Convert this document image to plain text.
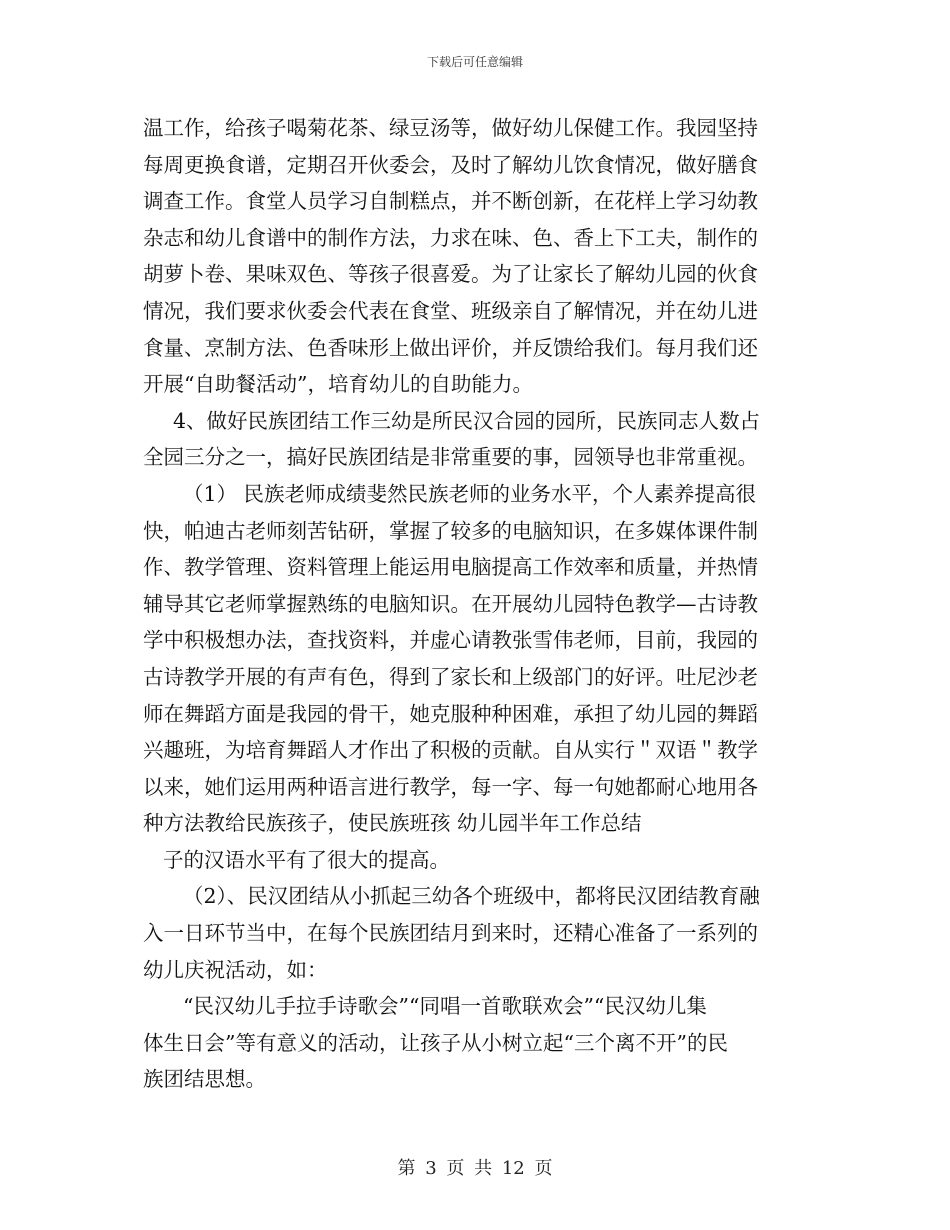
下载后可任意编辑
温工作，给孩子喝菊花茶、绿豆汤等，做好幼儿保健工作。我园坚持
每周更换食谱，定期召开伙委会，及时了解幼儿饮食情况，做好膳食
调查工作。食堂人员学习自制糕点，并不断创新，在花样上学习幼教
杂志和幼儿食谱中的制作方法，力求在味、色、香上下工夫，制作的
胡萝卜卷、果味双色、等孩子很喜爱。为了让家长了解幼儿园的伙食
情况，我们要求伙委会代表在食堂、班级亲自了解情况，并在幼儿进
食量、烹制方法、色香味形上做出评价，并反馈给我们。每月我们还
开展“自助餐活动”，培育幼儿的自助能力。
4、做好民族团结工作三幼是所民汉合园的园所，民族同志人数占
全园三分之一，搞好民族团结是非常重要的事，园领导也非常重视。
（1） 民族老师成绩斐然民族老师的业务水平，个人素养提高很
快，帕迪古老师刻苦钻研，掌握了较多的电脑知识，在多媒体课件制
作、教学管理、资料管理上能运用电脑提高工作效率和质量，并热情
辅导其它老师掌握熟练的电脑知识。在开展幼儿园特色教学—古诗教
学中积极想办法，查找资料，并虚心请教张雪伟老师，目前，我园的
古诗教学开展的有声有色，得到了家长和上级部门的好评。吐尼沙老
师在舞蹈方面是我园的骨干，她克服种种困难，承担了幼儿园的舞蹈
兴趣班，为培育舞蹈人才作出了积极的贡献。自从实行＂双语＂教学
以来，她们运用两种语言进行教学，每一字、每一句她都耐心地用各
种方法教给民族孩子，使民族班孩 幼儿园半年工作总结
子的汉语水平有了很大的提高。
（2）、民汉团结从小抓起三幼各个班级中，都将民汉团结教育融
入一日环节当中，在每个民族团结月到来时，还精心准备了一系列的
幼儿庆祝活动，如：
“民汉幼儿手拉手诗歌会”“同唱一首歌联欢会”“民汉幼儿集
体生日会”等有意义的活动，让孩子从小树立起“三个离不开”的民
族团结思想。
第 3 页 共 12 页
